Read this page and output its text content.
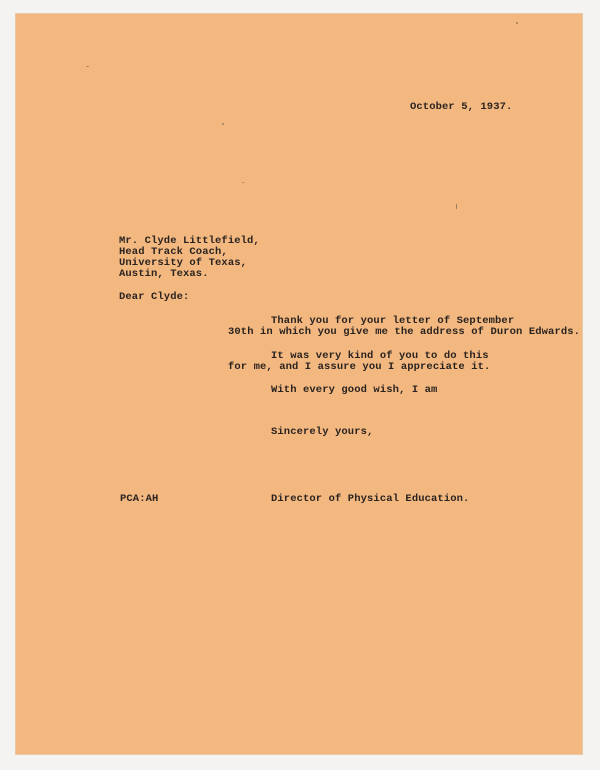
October 5, 1937.
Mr. Clyde Littlefield,
Head Track Coach,
University of Texas,
Austin, Texas.
Dear Clyde:
Thank you for your letter of September
30th in which you give me the address of Duron Edwards.
It was very kind of you to do this
for me, and I assure you I appreciate it.
With every good wish, I am
Sincerely yours,
PCA:AH	Director of Physical Education.
